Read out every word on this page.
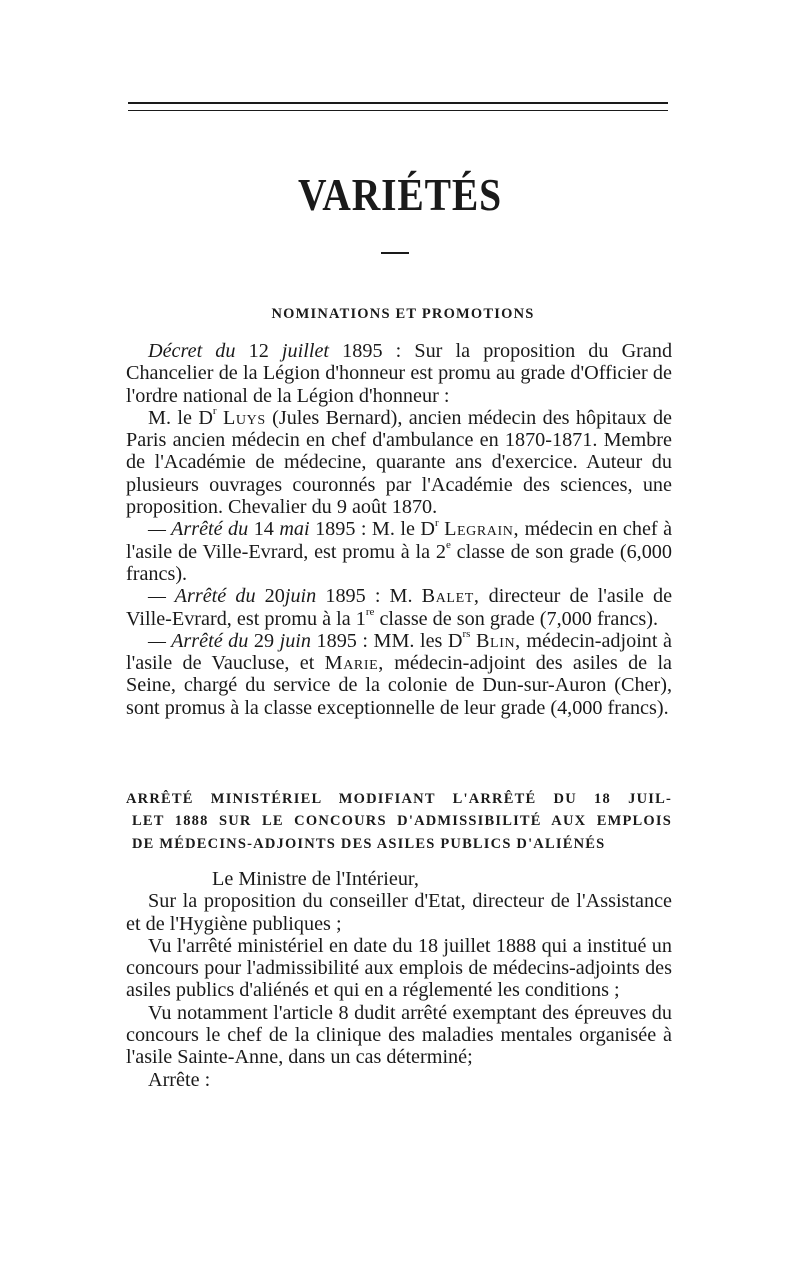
VARIÉTÉS
NOMINATIONS ET PROMOTIONS

Décret du 12 juillet 1895 : Sur la proposition du Grand Chancelier de la Légion d'honneur est promu au grade d'Officier de l'ordre national de la Légion d'honneur :

M. le $D^r$ Luys (Jules Bernard), ancien médecin des hôpitaux de Paris ancien médecin en chef d'ambulance en 1870-1871. Membre de l'Académie de médecine, quarante ans d'exercice. Auteur du plusieurs ouvrages couronnés par l'Académie des sciences, une proposition. Chevalier du 9 août 1870.

— Arrêté du 14 mai 1895 : M. le $D^r$ Legrain, médecin en chef à l'asile de Ville-Evrard, est promu à la 2e classe de son grade (6,000 francs).

— Arrêté du 20juin 1895 : M. Balet, directeur de l'asile de Ville-Evrard, est promu à la 1re classe de son grade (7,000 francs).

— Arrêté du 29 juin 1895 : MM. les $D^{rs}$ Blin, médecin-adjoint à l'asile de Vaucluse, et Marie, médecin-adjoint des asiles de la Seine, chargé du service de la colonie de Dun-sur-Auron (Cher), sont promus à la classe exceptionnelle de leur grade (4,000 francs).

ARRÊTÉ MINISTÉRIEL MODIFIANT L'ARRÊTÉ DU 18 JUIL-
LET 1888 SUR LE CONCOURS D'ADMISSIBILITÉ AUX EMPLOIS
DE MÉDECINS-ADJOINTS DES ASILES PUBLICS D'ALIÉNÉS

Le Ministre de l'Intérieur,

Sur la proposition du conseiller d'Etat, directeur de l'Assistance et de l'Hygiène publiques ;

Vu l'arrêté ministériel en date du 18 juillet 1888 qui a institué un concours pour l'admissibilité aux emplois de médecins-adjoints des asiles publics d'aliénés et qui en a réglementé les conditions ;

Vu notamment l'article 8 dudit arrêté exemptant des épreuves du concours le chef de la clinique des maladies mentales organisée à l'asile Sainte-Anne, dans un cas déterminé;

Arrête :
